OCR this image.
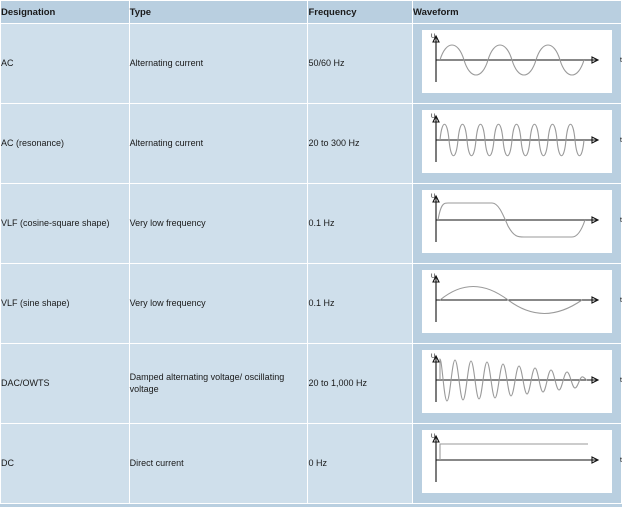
Designation	Type	Frequency	Waveform
AC	Alternating current	50/60 Hz	U
t

AC (resonance)	Alternating current	20 to 300 Hz	U
t

VLF (cosine-square shape)	Very low frequency	0.1 Hz	U
t

VLF (sine shape)	Very low frequency	0.1 Hz	U
t

DAC/OWTS	Damped alternating voltage/ oscillating voltage	20 to 1,000 Hz	U
t

DC	Direct current	0 Hz	U
t
